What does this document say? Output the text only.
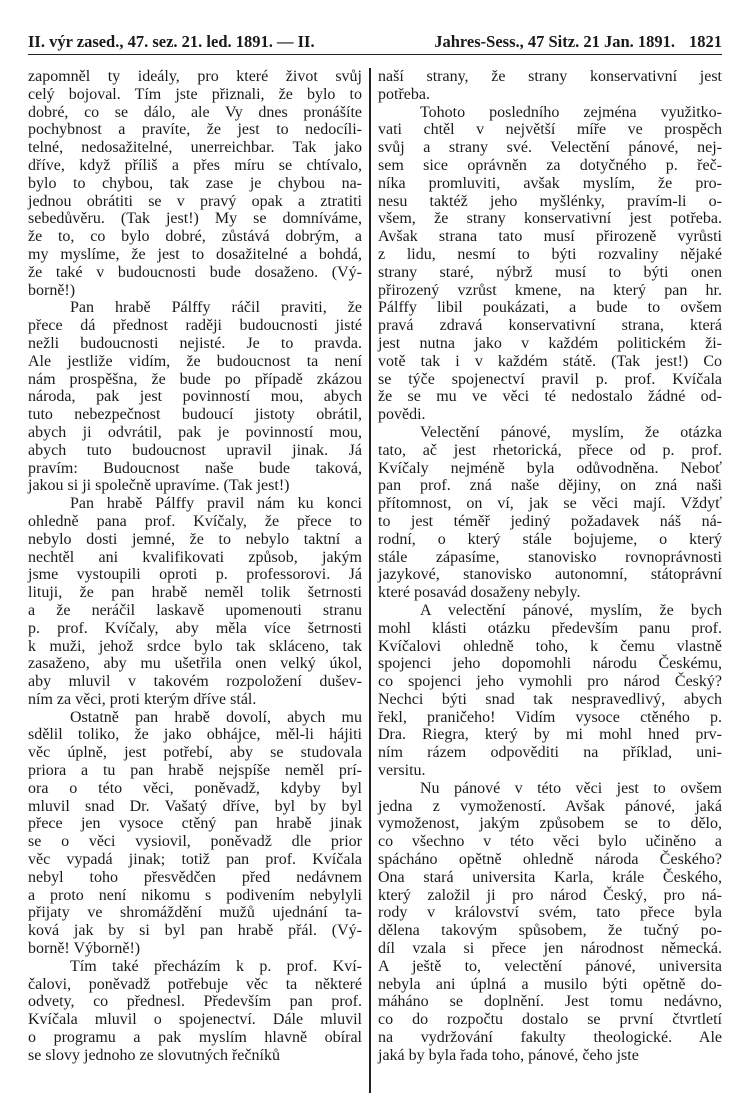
II. výr zased., 47. sez. 21. led. 1891. — II.	Jahres-Sess., 47 Sitz. 21 Jan. 1891. 1821
zapomněl ty ideály, pro které život svůj
celý bojoval. Tím jste přiznali, že bylo to
dobré, co se dálo, ale Vy dnes pronášíte
pochybnost a pravíte, že jest to nedocíli-
telné, nedosažitelné, unerreichbar. Tak jako
dříve, když příliš a přes míru se chtívalo,
bylo to chybou, tak zase je chybou na-
jednou obrátiti se v pravý opak a ztratiti
sebedůvěru. (Tak jest!) My se domníváme,
že to, co bylo dobré, zůstává dobrým, a
my myslíme, že jest to dosažitelné a bohdá,
že také v budoucnosti bude dosaženo. (Vý-
borně!)
Pan hrabě Pálffy ráčil praviti, že
přece dá přednost raději budoucnosti jisté
nežli budoucnosti nejisté. Je to pravda.
Ale jestliže vidím, že budoucnost ta není
nám prospěšna, že bude po případě zkázou
národa, pak jest povinností mou, abych
tuto nebezpečnost budoucí jistoty obrátil,
abych ji odvrátil, pak je povinností mou,
abych tuto budoucnost upravil jinak. Já
pravím: Budoucnost naše bude taková,
jakou si ji společně upravíme. (Tak jest!)
Pan hrabě Pálffy pravil nám ku konci
ohledně pana prof. Kvíčaly, že přece to
nebylo dosti jemné, že to nebylo taktní a
nechtěl ani kvalifikovati způsob, jakým
jsme vystoupili oproti p. professorovi. Já
lituji, že pan hrabě neměl tolik šetrnosti
a že neráčil laskavě upomenouti stranu
p. prof. Kvíčaly, aby měla více šetrnosti
k muži, jehož srdce bylo tak skláceno, tak
zasaženo, aby mu ušetřila onen velký úkol,
aby mluvil v takovém rozpoložení dušev-
ním za věci, proti kterým dříve stál.
Ostatně pan hrabě dovolí, abych mu
sdělil toliko, že jako obhájce, měl-li hájiti
věc úplně, jest potřebí, aby se studovala
priora a tu pan hrabě nejspíše neměl prí-
ora o této věci, poněvadž, kdyby byl
mluvil snad Dr. Vašatý dříve, byl by byl
přece jen vysoce ctěný pan hrabě jinak
se o věci vysiovil, poněvadž dle prior
věc vypadá jinak; totiž pan prof. Kvíčala
nebyl toho přesvědčen před nedávnem
a proto není nikomu s podivením nebylyli
přijaty ve shromáždění mužů ujednání ta-
ková jak by si byl pan hrabě přál. (Vý-
borně! Výborně!)
Tím také přecházím k p. prof. Kví-
čalovi, poněvadž potřebuje věc ta některé
odvety, co přednesl. Především pan prof.
Kvíčala mluvil o spojenectví. Dále mluvil
o programu a pak myslím hlavně obíral
se slovy jednoho ze slovutných řečníků
naší strany, že strany konservativní jest
potřeba.
Tohoto posledního zejména využitko-
vati chtěl v největší míře ve prospěch
svůj a strany své. Velectění pánové, nej-
sem sice oprávněn za dotyčného p. řeč-
níka promluviti, avšak myslím, že pro-
nesu taktéž jeho myšlénky, pravím-li o-
všem, že strany konservativní jest potřeba.
Avšak strana tato musí přirozeně vyrůsti
z lidu, nesmí to býti rozvaliny nějaké
strany staré, nýbrž musí to býti onen
přirozený vzrůst kmene, na který pan hr.
Pálffy libil poukázati, a bude to ovšem
pravá zdravá konservativní strana, která
jest nutna jako v každém politickém ži-
votě tak i v každém státě. (Tak jest!) Co
se týče spojenectví pravil p. prof. Kvíčala
že se mu ve věci té nedostalo žádné od-
povědi.
Velectění pánové, myslím, že otázka
tato, ač jest rhetorická, přece od p. prof.
Kvíčaly nejméně byla odůvodněna. Neboť
pan prof. zná naše dějiny, on zná naši
přítomnost, on ví, jak se věci mají. Vždyť
to jest téměř jediný požadavek náš ná-
rodní, o který stále bojujeme, o který
stále zápasíme, stanovisko rovnoprávnosti
jazykové, stanovisko autonomní, státoprávní
které posavád dosaženy nebyly.
A velectění pánové, myslím, že bych
mohl klásti otázku především panu prof.
Kvíčalovi ohledně toho, k čemu vlastně
spojenci jeho dopomohli národu Českému,
co spojenci jeho vymohli pro národ Český?
Nechci býti snad tak nespravedlivý, abych
řekl, praničeho! Vidím vysoce ctěného p.
Dra. Riegra, který by mi mohl hned prv-
ním rázem odpověditi na příklad, uni-
versitu.
Nu pánové v této věci jest to ovšem
jedna z vymožeností. Avšak pánové, jaká
vymoženost, jakým způsobem se to dělo,
co všechno v této věci bylo učiněno a
spácháno opětně ohledně národa Českého?
Ona stará universita Karla, krále Českého,
který založil ji pro národ Český, pro ná-
rody v království svém, tato přece byla
dělena takovým spůsobem, že tučný po-
díl vzala si přece jen národnost německá.
A ještě to, velectění pánové, universita
nebyla ani úplná a musilo býti opětně do-
máháno se doplnění. Jest tomu nedávno,
co do rozpočtu dostalo se první čtvrtletí
na vydržování fakulty theologické. Ale
jaká by byla řada toho, pánové, čeho jste
